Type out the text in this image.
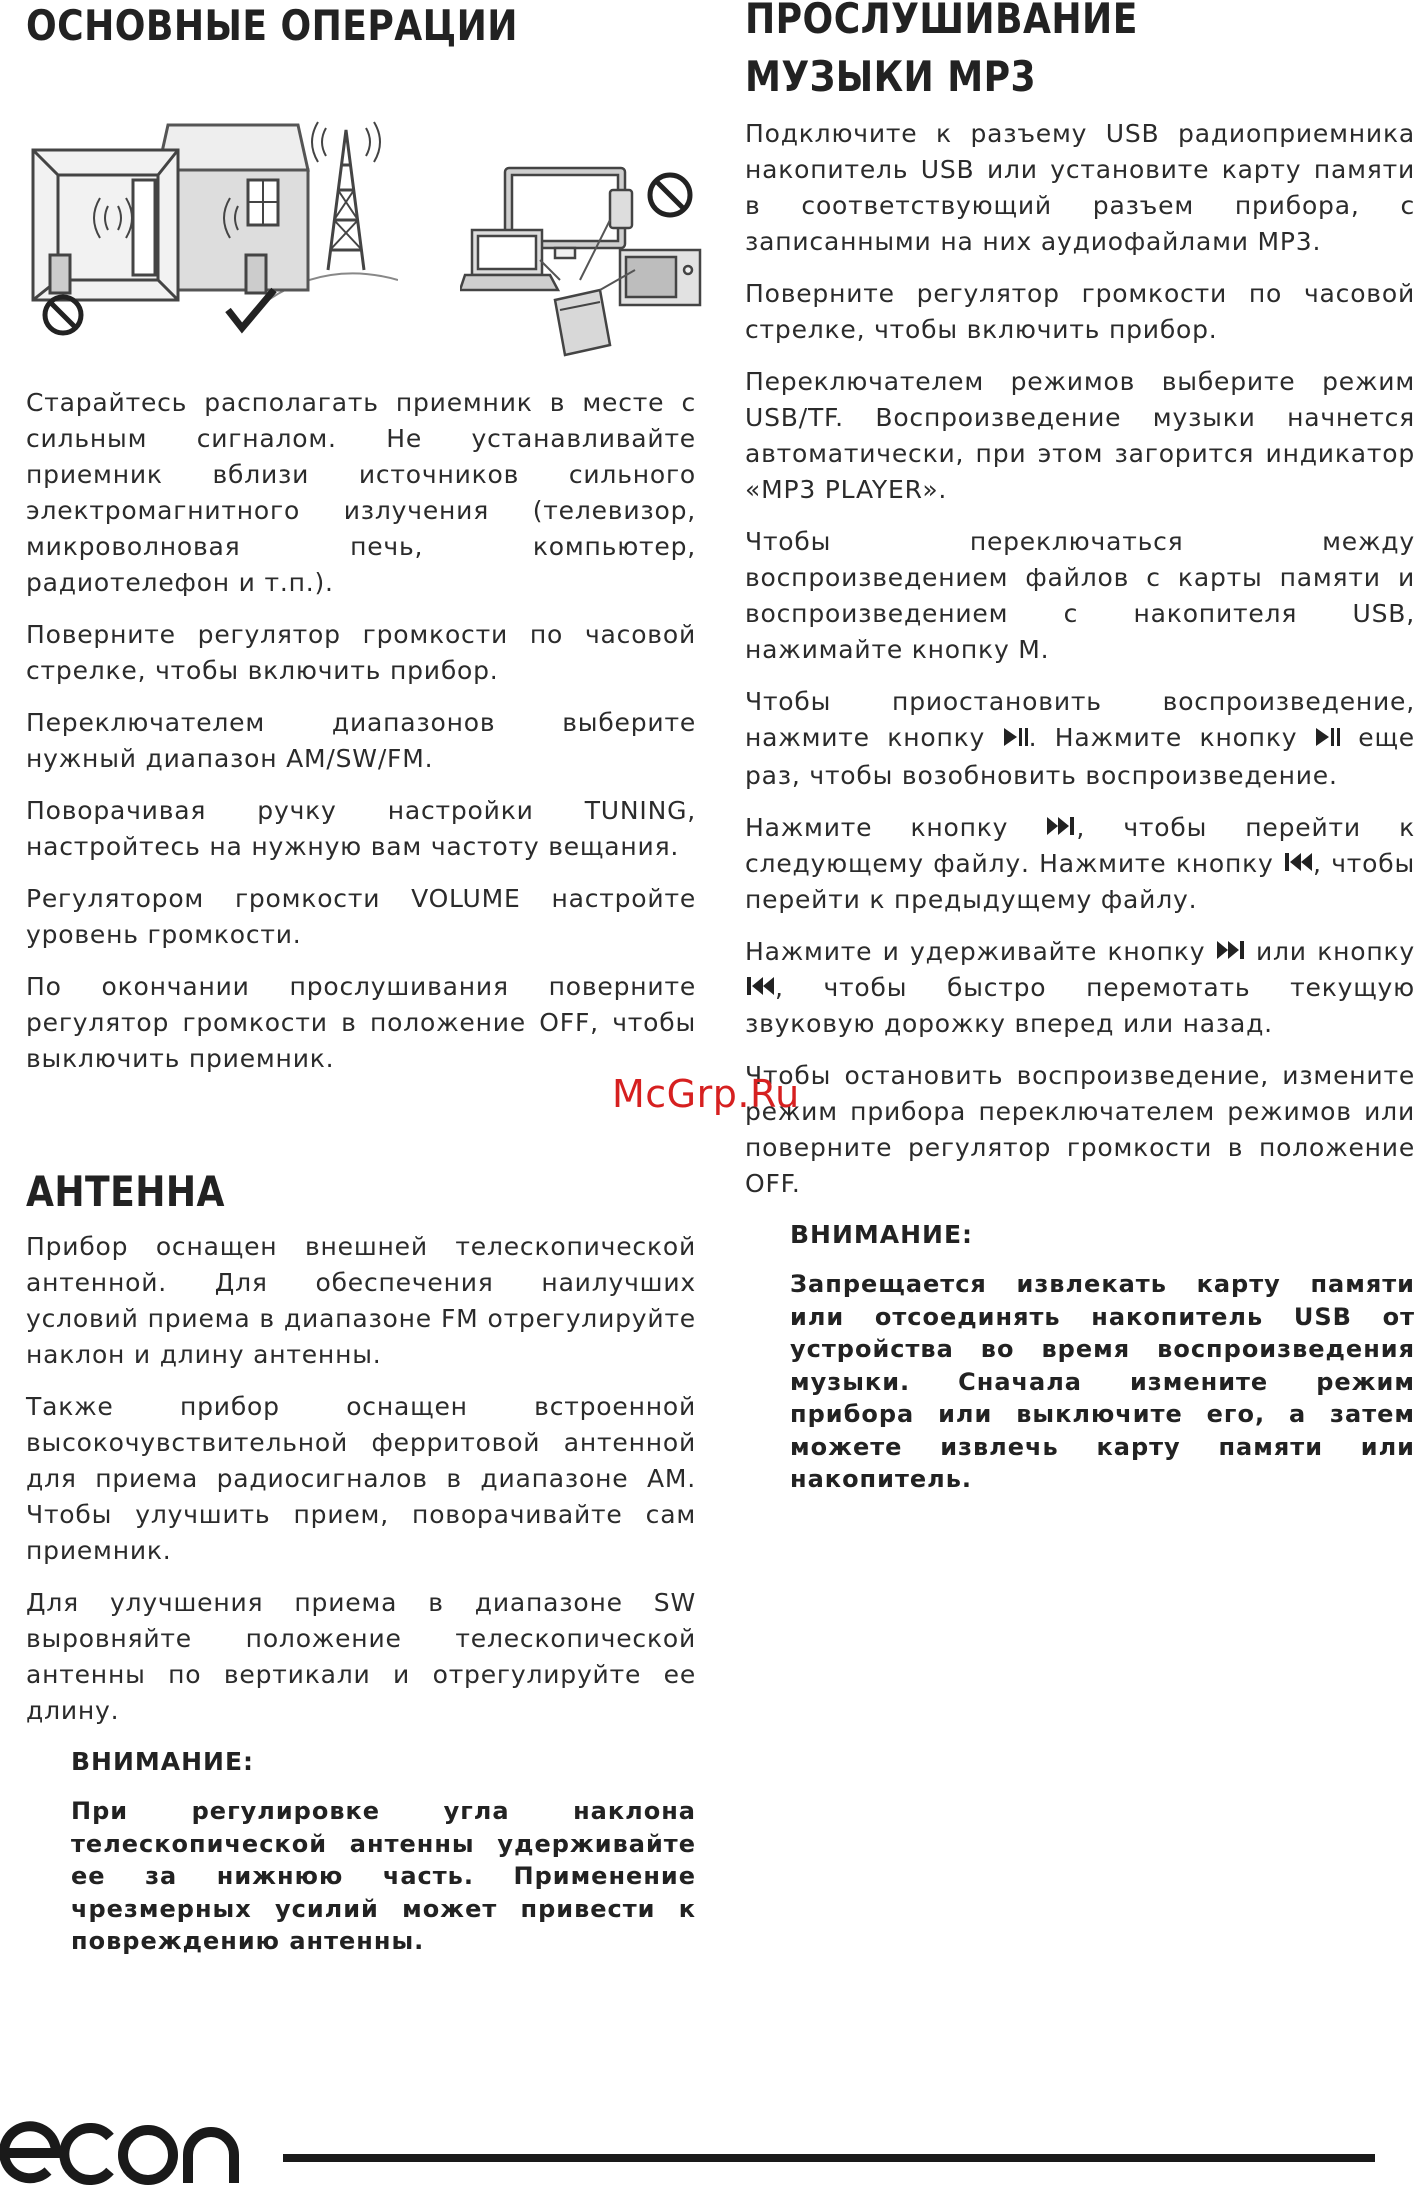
ОСНОВНЫЕ ОПЕРАЦИИ

Старайтесь располагать приемник в месте с сильным сигналом. Не устанавливайте приемник вблизи источников сильного электромагнитного излучения (телевизор, микроволновая печь, компьютер, радиотелефон и т.п.).

Поверните регулятор громкости по часовой стрелке, чтобы включить прибор.

Переключателем диапазонов выберите нужный диапазон AM/SW/FM.

Поворачивая ручку настройки TUNING, настройтесь на нужную вам частоту вещания.

Регулятором громкости VOLUME настройте уровень громкости.

По окончании прослушивания поверните регулятор громкости в положение OFF, чтобы выключить приемник.

АНТЕННА

Прибор оснащен внешней телескопической антенной. Для обеспечения наилучших условий приема в диапазоне FM отрегулируйте наклон и длину антенны.

Также прибор оснащен встроенной высокочувствительной ферритовой антенной для приема радиосигналов в диапазоне AM. Чтобы улучшить прием, поворачивайте сам приемник.

Для улучшения приема в диапазоне SW выровняйте положение телескопической антенны по вертикали и отрегулируйте ее длину.

ВНИМАНИЕ:
При регулировке угла наклона телескопической антенны удерживайте ее за нижнюю часть. Применение чрезмерных усилий может привести к повреждению антенны.
ПРОСЛУШИВАНИЕ
МУЗЫКИ MP3

Подключите к разъему USB радиоприемника накопитель USB или установите карту памяти в соответствующий разъем прибора, с записанными на них аудиофайлами MP3.

Поверните регулятор громкости по часовой стрелке, чтобы включить прибор.

Переключателем режимов выберите режим USB/TF. Воспроизведение музыки начнется автоматически, при этом загорится индикатор «MP3 PLAYER».

Чтобы переключаться между воспроизведением файлов с карты памяти и воспроизведением с накопителя USB, нажимайте кнопку M.

Чтобы приостановить воспроизведение, нажмите кнопку . Нажмите кнопку  еще раз, чтобы возобновить воспроизведение.

Нажмите кнопку , чтобы перейти к следующему файлу. Нажмите кнопку , чтобы перейти к предыдущему файлу.

Нажмите и удерживайте кнопку  или кнопку , чтобы быстро перемотать текущую звуковую дорожку вперед или назад.

Чтобы остановить воспроизведение, измените режим прибора переключателем режимов или поверните регулятор громкости в положение OFF.

ВНИМАНИЕ:
Запрещается извлекать карту памяти или отсоединять накопитель USB от устройства во время воспроизведения музыки. Сначала измените режим прибора или выключите его, а затем можете извлечь карту памяти или накопитель.
McGrp.Ru
